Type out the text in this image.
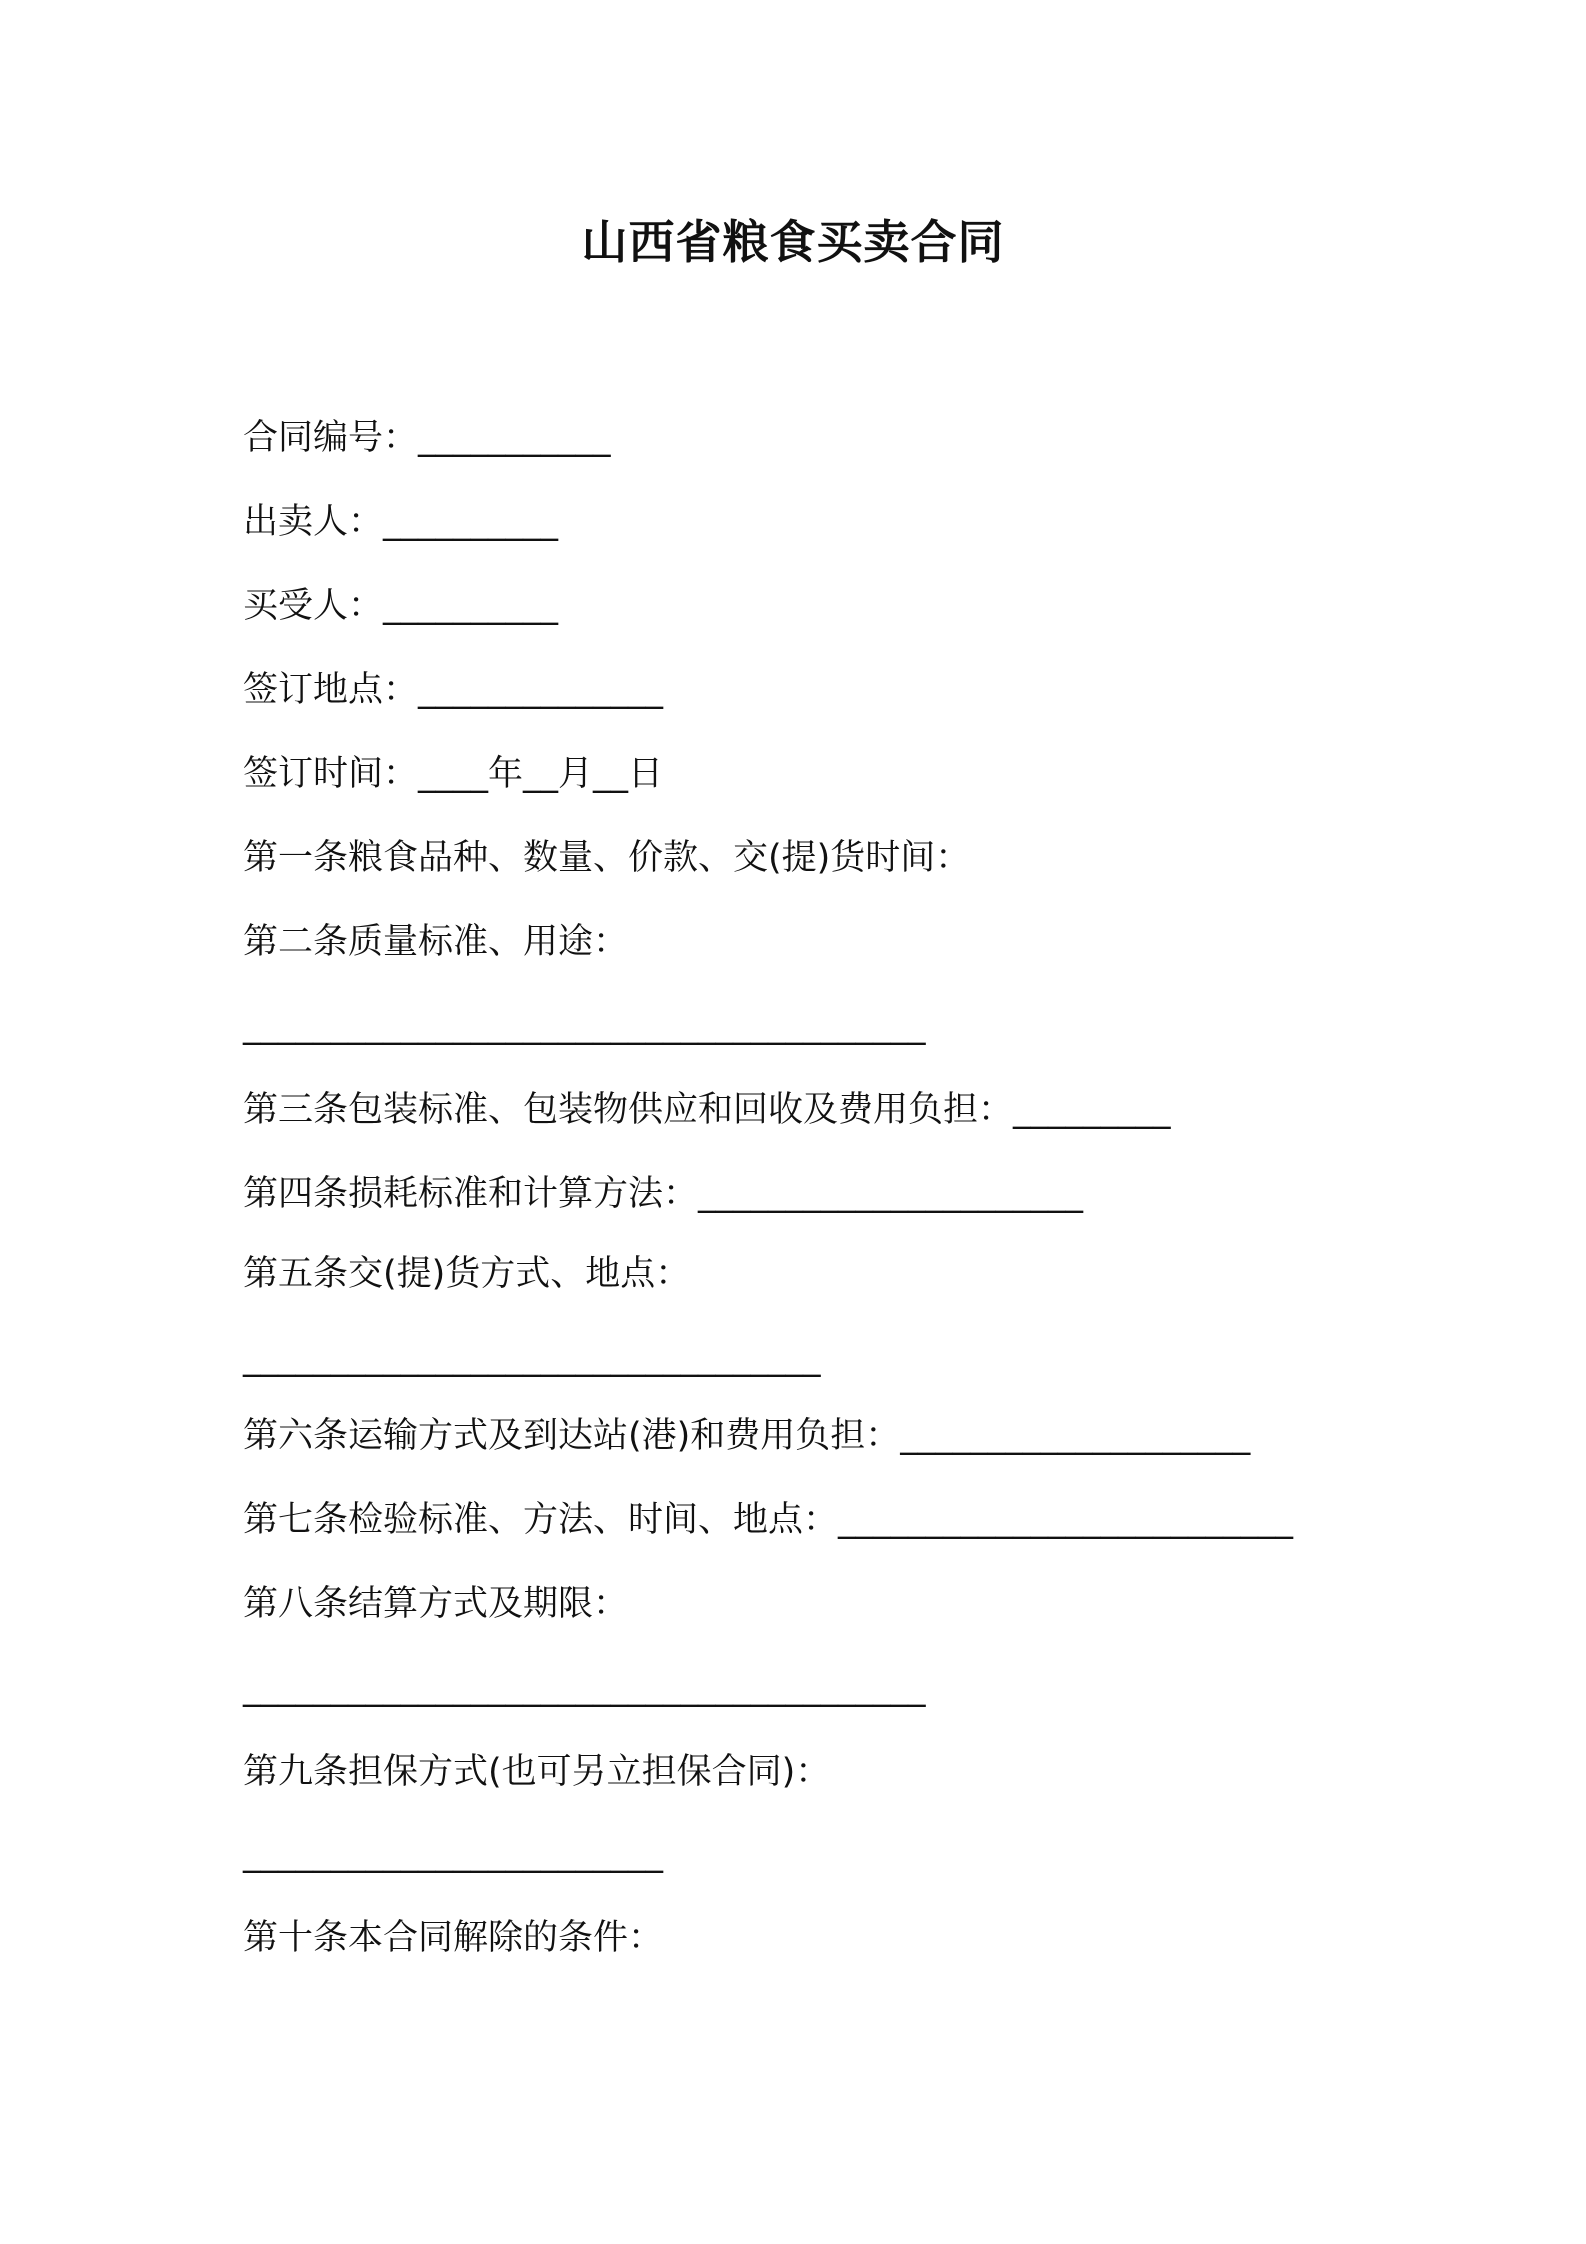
山西省粮食买卖合同
合同编号：___________
出卖人：__________
买受人：__________
签订地点：______________
签订时间：____年__月__日
第一条粮食品种、数量、价款、交(提)货时间：
第二条质量标准、用途：
_______________________________________
第三条包装标准、包装物供应和回收及费用负担：_________
第四条损耗标准和计算方法：______________________
第五条交(提)货方式、地点：
_________________________________
第六条运输方式及到达站(港)和费用负担：____________________
第七条检验标准、方法、时间、地点：__________________________
第八条结算方式及期限：
_______________________________________
第九条担保方式(也可另立担保合同)：
________________________
第十条本合同解除的条件：
